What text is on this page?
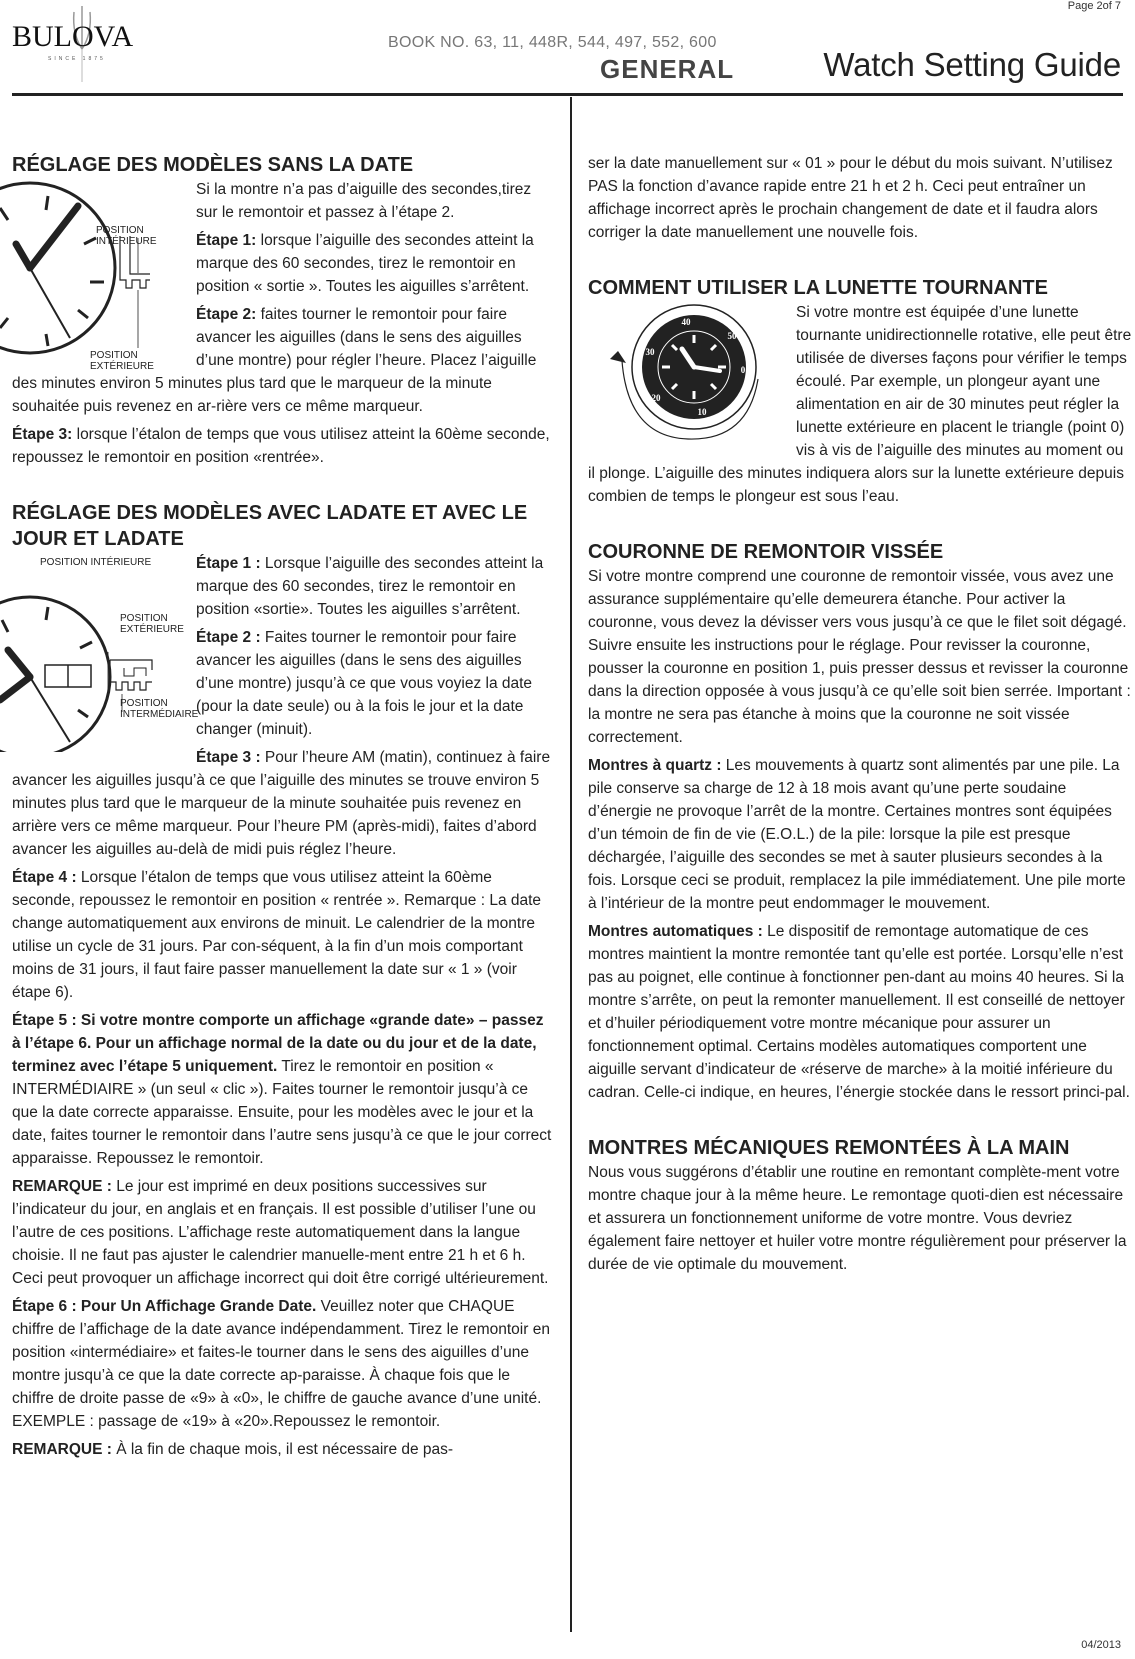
Page 2of 7
BULOVA
SINCE 1875
BOOK NO. 63, 11, 448R, 544, 497, 552, 600
GENERAL	Watch Setting Guide
RÉGLAGE DES MODÈLES SANS LA DATE
POSITION INTÉRIEURE
POSITION EXTÉRIEURE

Si la montre n’a pas d’aiguille des secondes,tirez sur le remontoir et passez à l’étape 2.

Étape 1: lorsque l’aiguille des secondes atteint la marque des 60 secondes, tirez le remontoir en position « sortie ». Toutes les aiguilles s’arrêtent.

Étape 2: faites tourner le remontoir pour faire avancer les aiguilles (dans le sens des aiguilles d’une montre) pour régler l’heure. Placez l’aiguille des minutes environ 5 minutes plus tard que le marqueur de la minute souhaitée puis revenez en ar-rière vers ce même marqueur.

Étape 3: lorsque l’étalon de temps que vous utilisez atteint la 60ème seconde, repoussez le remontoir en position «rentrée».

RÉGLAGE DES MODÈLES AVEC LADATE ET AVEC LE JOUR ET LADATE
POSITION INTÉRIEURE
POSITION EXTÉRIEURE
POSITION INTERMÉDIAIRE

Étape 1 : Lorsque l’aiguille des secondes atteint la marque des 60 secondes, tirez le remontoir en position «sortie». Toutes les aiguilles s’arrêtent.

Étape 2 : Faites tourner le remontoir pour faire avancer les aiguilles (dans le sens des aiguilles d’une montre) jusqu’à ce que vous voyiez la date (pour la date seule) ou à la fois le jour et la date changer (minuit).

Étape 3 : Pour l’heure AM (matin), continuez à faire avancer les aiguilles jusqu’à ce que l’aiguille des minutes se trouve environ 5 minutes plus tard que le marqueur de la minute souhaitée puis revenez en arrière vers ce même marqueur. Pour l’heure PM (après-midi), faites d’abord avancer les aiguilles au-delà de midi puis réglez l’heure.

Étape 4 : Lorsque l’étalon de temps que vous utilisez atteint la 60ème seconde, repoussez le remontoir en position « rentrée ». Remarque : La date change automatiquement aux environs de minuit. Le calendrier de la montre utilise un cycle de 31 jours. Par con-séquent, à la fin d’un mois comportant moins de 31 jours, il faut faire passer manuellement la date sur « 1 » (voir étape 6).

Étape 5 : Si votre montre comporte un affichage «grande date» – passez à l’étape 6. Pour un affichage normal de la date ou du jour et de la date, terminez avec l’étape 5 uniquement. Tirez le remontoir en position « INTERMÉDIAIRE » (un seul « clic »). Faites tourner le remontoir jusqu’à ce que la date correcte apparaisse. Ensuite, pour les modèles avec le jour et la date, faites tourner le remontoir dans l’autre sens jusqu’à ce que le jour correct apparaisse. Repoussez le remontoir.

REMARQUE : Le jour est imprimé en deux positions successives sur l’indicateur du jour, en anglais et en français. Il est possible d’utiliser l’une ou l’autre de ces positions. L’affichage reste automatiquement dans la langue choisie. Il ne faut pas ajuster le calendrier manuelle-ment entre 21 h et 6 h. Ceci peut provoquer un affichage incorrect qui doit être corrigé ultérieurement.

Étape 6 : Pour Un Affichage Grande Date. Veuillez noter que CHAQUE chiffre de l’affichage de la date avance indépendamment. Tirez le remontoir en position «intermédiaire» et faites-le tourner dans le sens des aiguilles d’une montre jusqu’à ce que la date correcte ap-paraisse. À chaque fois que le chiffre de droite passe de «9» à «0», le chiffre de gauche avance d’une unité. EXEMPLE : passage de «19» à «20».Repoussez le remontoir.

REMARQUE : À la fin de chaque mois, il est nécessaire de pas-

ser la date manuellement sur « 01 » pour le début du mois suivant. N’utilisez PAS la fonction d’avance rapide entre 21 h et 2 h. Ceci peut entraîner un affichage incorrect après le prochain changement de date et il faudra alors corriger la date manuellement une nouvelle fois.

COMMENT UTILISER LA LUNETTE TOURNANTE
40
50
0
10
20
30

Si votre montre est équipée d’une lunette tournante unidirectionnelle rotative, elle peut être utilisée de diverses façons pour vérifier le temps écoulé. Par exemple, un plongeur ayant une alimentation en air de 30 minutes peut régler la lunette extérieure en placent le triangle (point 0) vis à vis de l’aiguille des minutes au moment ou il plonge. L’aiguille des minutes indiquera alors sur la lunette extérieure depuis combien de temps le plongeur est sous l’eau.

COURONNE DE REMONTOIR VISSÉE

Si votre montre comprend une couronne de remontoir vissée, vous avez une assurance supplémentaire qu’elle demeurera étanche. Pour activer la couronne, vous devez la dévisser vers vous jusqu’à ce que le filet soit dégagé. Suivre ensuite les instructions pour le réglage. Pour revisser la couronne, pousser la couronne en position 1, puis presser dessus et revisser la couronne dans la direction opposée à vous jusqu’à ce qu’elle soit bien serrée. Important : la montre ne sera pas étanche à moins que la couronne ne soit vissée correctement.

Montres à quartz : Les mouvements à quartz sont alimentés par une pile. La pile conserve sa charge de 12 à 18 mois avant qu’une perte soudaine d’énergie ne provoque l’arrêt de la montre. Certaines montres sont équipées d’un témoin de fin de vie (E.O.L.) de la pile: lorsque la pile est presque déchargée, l’aiguille des secondes se met à sauter plusieurs secondes à la fois. Lorsque ceci se produit, remplacez la pile immédiatement. Une pile morte à l’intérieur de la montre peut endommager le mouvement.

Montres automatiques : Le dispositif de remontage automatique de ces montres maintient la montre remontée tant qu’elle est portée. Lorsqu’elle n’est pas au poignet, elle continue à fonctionner pen-dant au moins 40 heures. Si la montre s’arrête, on peut la remonter manuellement. Il est conseillé de nettoyer et d’huiler périodiquement votre montre mécanique pour assurer un fonctionnement optimal. Certains modèles automatiques comportent une aiguille servant d’indicateur de «réserve de marche» à la moitié inférieure du cadran. Celle-ci indique, en heures, l’énergie stockée dans le ressort princi-pal.

MONTRES MÉCANIQUES REMONTÉES À LA MAIN

Nous vous suggérons d’établir une routine en remontant complète-ment votre montre chaque jour à la même heure. Le remontage quoti-dien est nécessaire et assurera un fonctionnement uniforme de votre montre. Vous devriez également faire nettoyer et huiler votre montre régulièrement pour préserver la durée de vie optimale du mouvement.

04/2013
